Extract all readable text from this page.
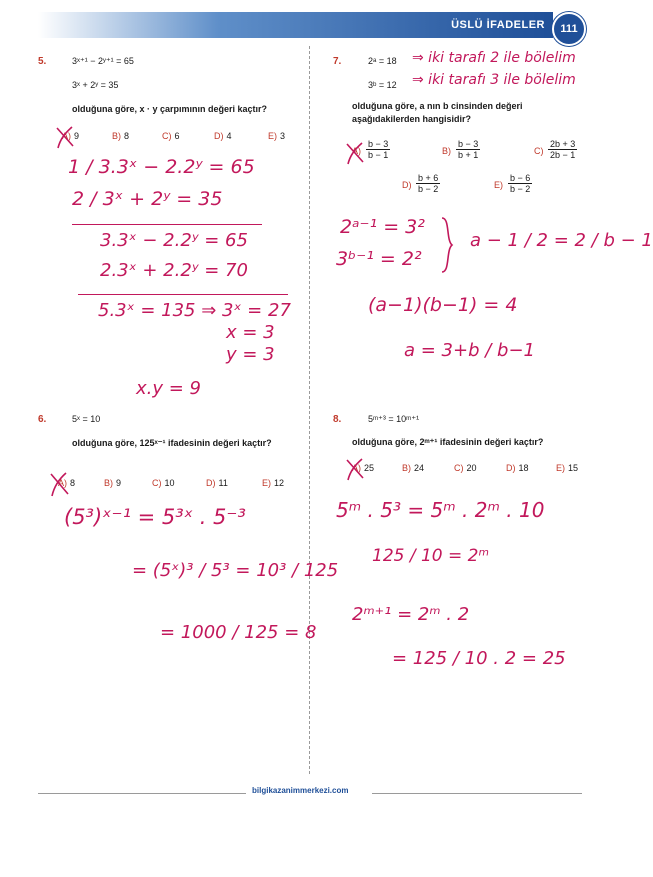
ÜSLÜ İFADELER	111
5.	3ˣ⁺¹ − 2ʸ⁺¹ = 65
3ˣ + 2ʸ = 35
olduğuna göre, x · y çarpımının değeri kaçtır?
A) 9	B) 8	C) 6	D) 4	E) 3
1 / 3.3ˣ − 2.2ʸ = 65
2 / 3ˣ + 2ʸ = 35
3.3ˣ − 2.2ʸ = 65
2.3ˣ + 2.2ʸ = 70
5.3ˣ = 135 ⇒ 3ˣ = 27
x = 3
y = 3
x.y = 9
6.	5ˣ = 10
olduğuna göre, 125ˣ⁻¹ ifadesinin değeri kaçtır?
A) 8	B) 9	C) 10	D) 11	E) 12
(5³)ˣ⁻¹ = 5³ˣ . 5⁻³
= (5ˣ)³ / 5³ = 10³ / 125
= 1000 / 125 = 8
7.	2ᵃ = 18
3ᵇ = 12
⇒ iki tarafı 2 ile bölelim
⇒ iki tarafı 3 ile bölelim
olduğuna göre, a nın b cinsinden değeri aşağıdakilerden hangisidir?
$A) \frac{b - 3}{b - 1}$	$B) \frac{b - 3}{b + 1}$	$C) \frac{2b + 3}{2b - 1}$
$D) \frac{b + 6}{b - 2}$	$E) \frac{b - 6}{b - 2}$
2ᵃ⁻¹ = 3²
3ᵇ⁻¹ = 2²
a − 1 / 2 = 2 / b − 1
(a−1)(b−1) = 4
a = 3+b / b−1
8.	5ᵐ⁺³ = 10ᵐ⁺¹
olduğuna göre, 2ᵐ⁺¹ ifadesinin değeri kaçtır?
A) 25	B) 24	C) 20	D) 18	E) 15
5ᵐ . 5³ = 5ᵐ . 2ᵐ . 10
125 / 10 = 2ᵐ
2ᵐ⁺¹ = 2ᵐ . 2
= 125 / 10 . 2 = 25
bilgikazanimmerkezi.com
